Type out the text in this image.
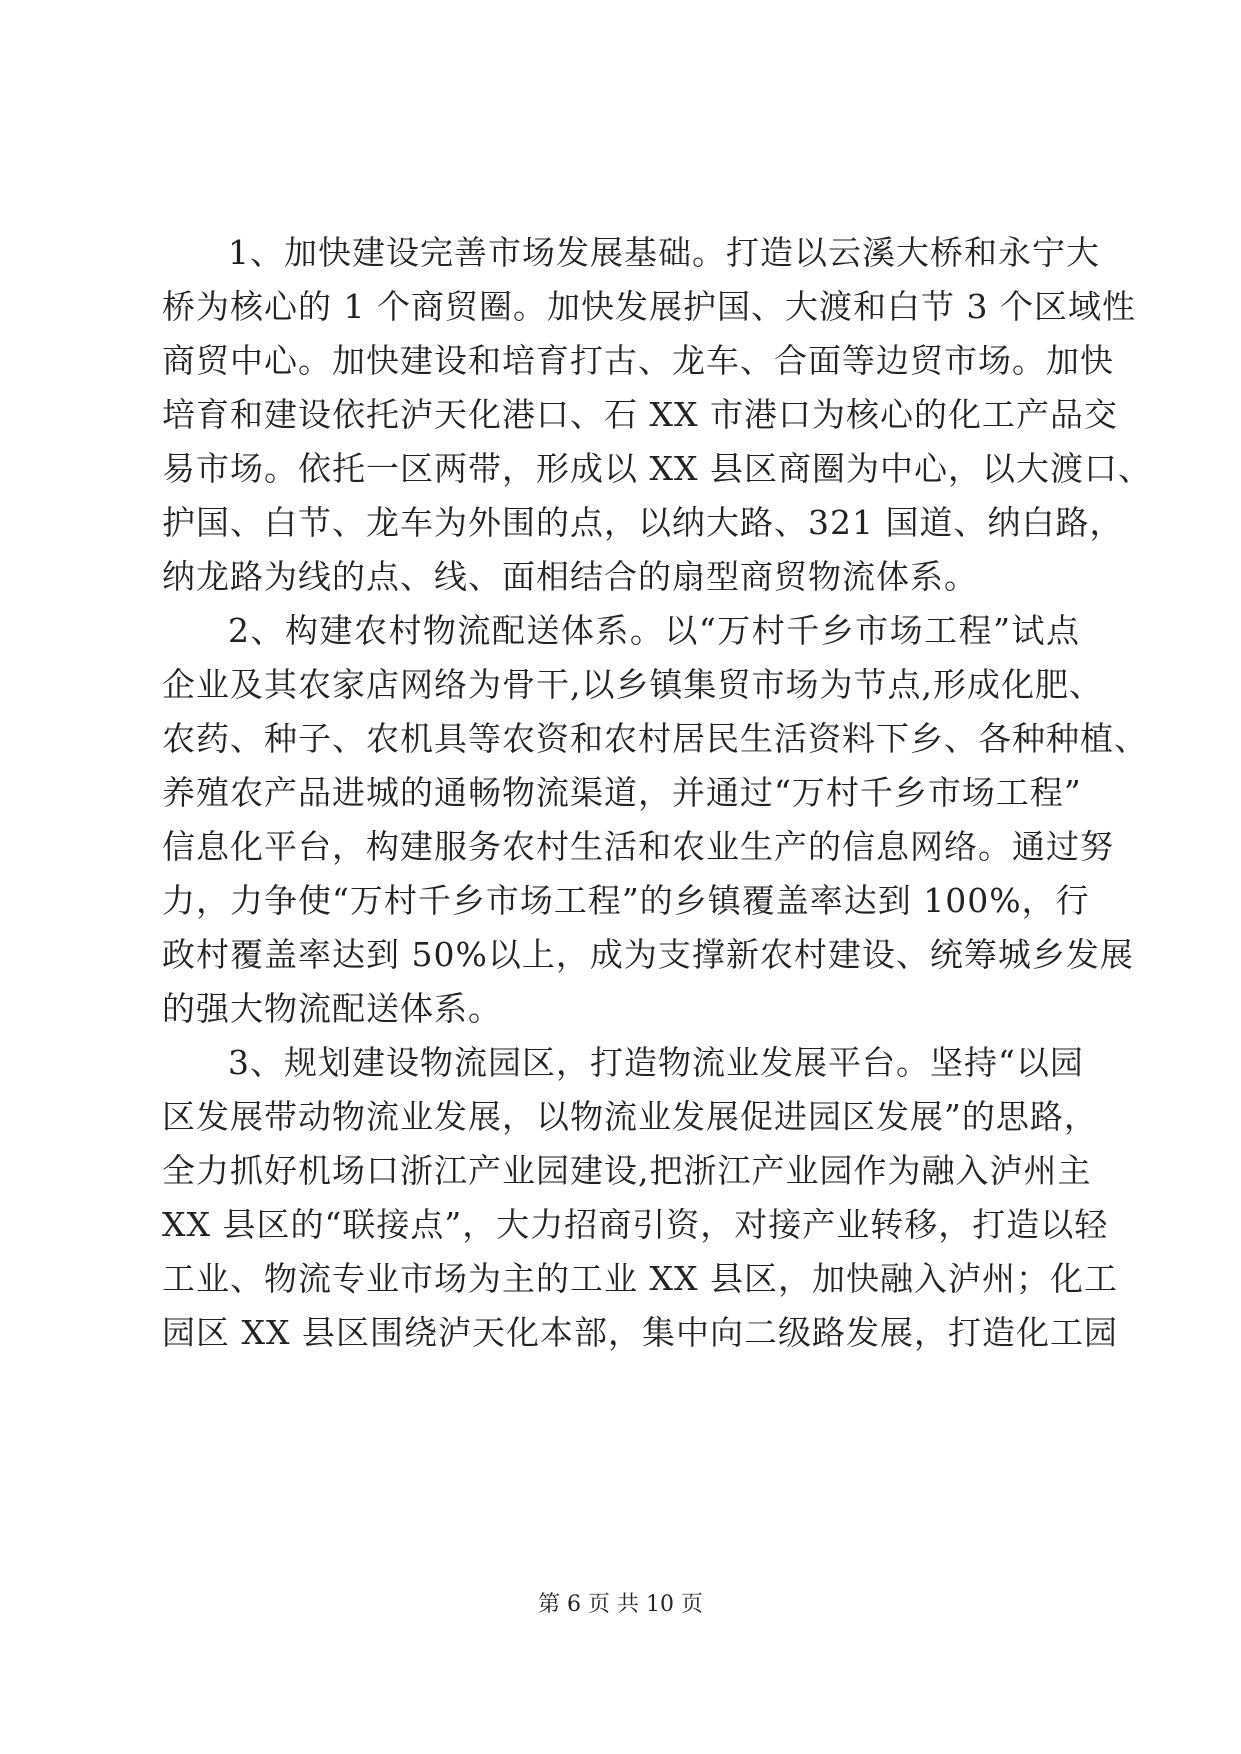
1、加快建设完善市场发展基础。打造以云溪大桥和永宁大
桥为核心的 1 个商贸圈。加快发展护国、大渡和白节 3 个区域性
商贸中心。加快建设和培育打古、龙车、合面等边贸市场。加快
培育和建设依托泸天化港口、石 XX 市港口为核心的化工产品交
易市场。依托一区两带，形成以 XX 县区商圈为中心，以大渡口、
护国、白节、龙车为外围的点，以纳大路、321 国道、纳白路，
纳龙路为线的点、线、面相结合的扇型商贸物流体系。
2、构建农村物流配送体系。以“万村千乡市场工程”试点
企业及其农家店网络为骨干,以乡镇集贸市场为节点,形成化肥、
农药、种子、农机具等农资和农村居民生活资料下乡、各种种植、
养殖农产品进城的通畅物流渠道，并通过“万村千乡市场工程”
信息化平台，构建服务农村生活和农业生产的信息网络。通过努
力，力争使“万村千乡市场工程”的乡镇覆盖率达到 100%，行
政村覆盖率达到 50%以上，成为支撑新农村建设、统筹城乡发展
的强大物流配送体系。
3、规划建设物流园区，打造物流业发展平台。坚持“以园
区发展带动物流业发展，以物流业发展促进园区发展”的思路，
全力抓好机场口浙江产业园建设,把浙江产业园作为融入泸州主
XX 县区的“联接点”，大力招商引资，对接产业转移，打造以轻
工业、物流专业市场为主的工业 XX 县区，加快融入泸州；化工
园区 XX 县区围绕泸天化本部，集中向二级路发展，打造化工园
第 6 页 共 10 页
